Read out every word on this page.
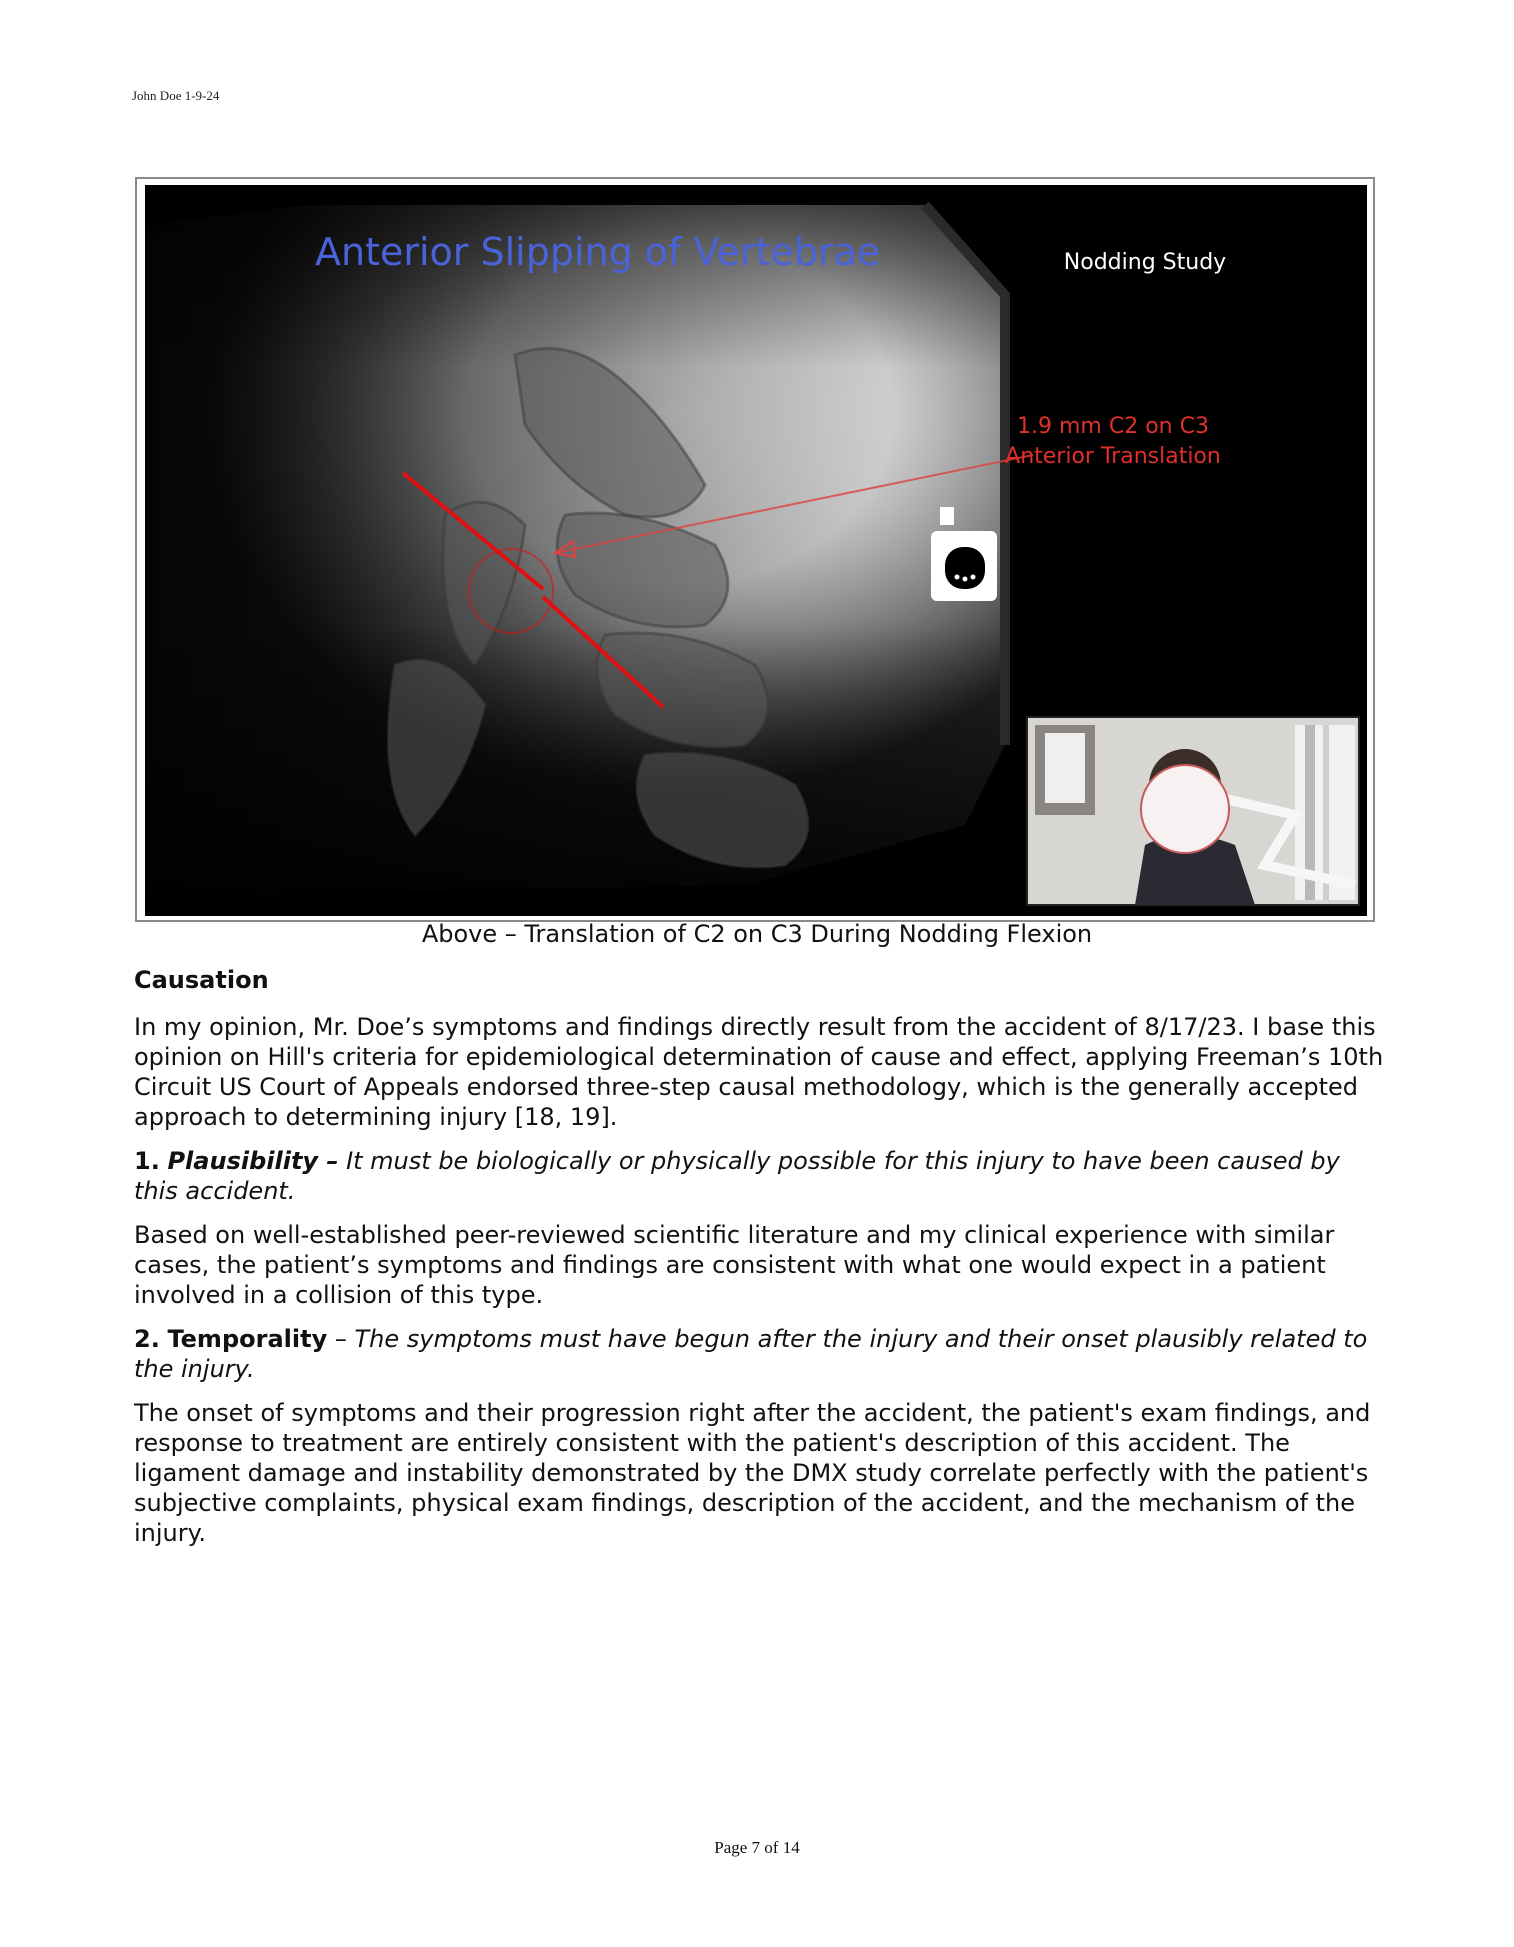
John Doe 1-9-24
Anterior Slipping of Vertebrae	Nodding Study
1.9 mm C2 on C3
Anterior Translation
Above – Translation of C2 on C3 During Nodding Flexion
Causation
In my opinion, Mr. Doe’s symptoms and findings directly result from the accident of 8/17/23. I base this opinion on Hill's criteria for epidemiological determination of cause and effect, applying Freeman’s 10th Circuit US Court of Appeals endorsed three-step causal methodology, which is the generally accepted approach to determining injury [18, 19].
1. Plausibility – It must be biologically or physically possible for this injury to have been caused by this accident.
Based on well-established peer-reviewed scientific literature and my clinical experience with similar cases, the patient’s symptoms and findings are consistent with what one would expect in a patient involved in a collision of this type.
2. Temporality – The symptoms must have begun after the injury and their onset plausibly related to the injury.
The onset of symptoms and their progression right after the accident, the patient's exam findings, and response to treatment are entirely consistent with the patient's description of this accident. The ligament damage and instability demonstrated by the DMX study correlate perfectly with the patient's subjective complaints, physical exam findings, description of the accident, and the mechanism of the injury.
Page 7 of 14
